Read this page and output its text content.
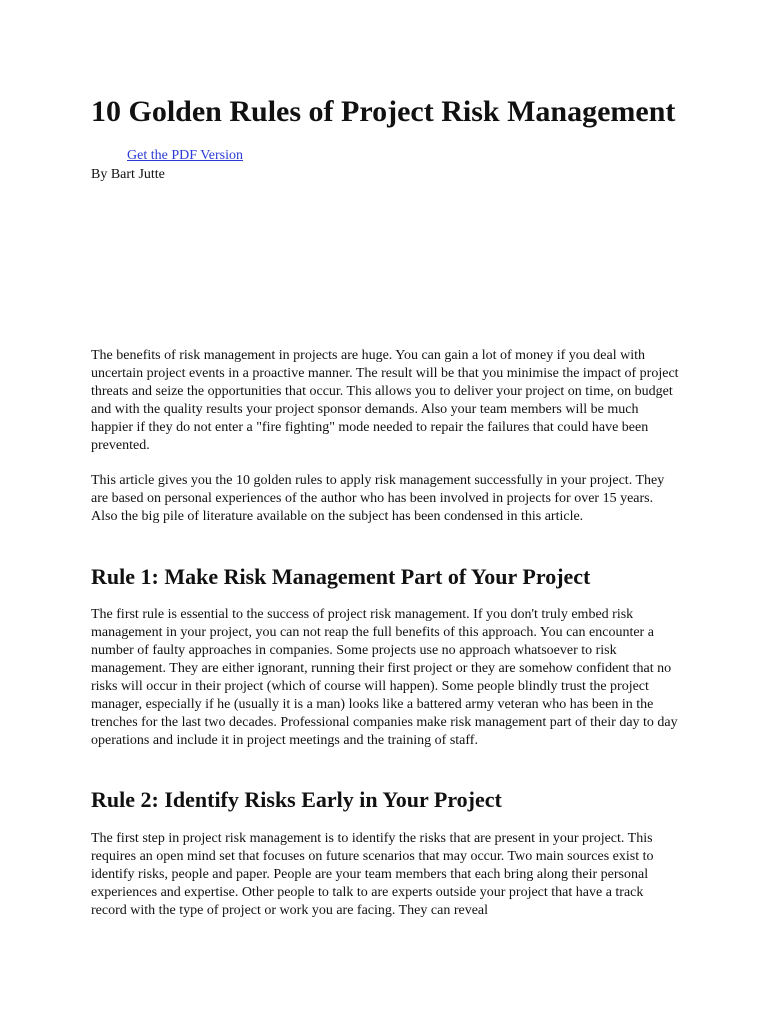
10 Golden Rules of Project Risk Management
Get the PDF Version
By Bart Jutte

The benefits of risk management in projects are huge. You can gain a lot of money if you deal with uncertain project events in a proactive manner. The result will be that you minimise the impact of project threats and seize the opportunities that occur. This allows you to deliver your project on time, on budget and with the quality results your project sponsor demands. Also your team members will be much happier if they do not enter a "fire fighting" mode needed to repair the failures that could have been prevented.

This article gives you the 10 golden rules to apply risk management successfully in your project. They are based on personal experiences of the author who has been involved in projects for over 15 years. Also the big pile of literature available on the subject has been condensed in this article.

Rule 1: Make Risk Management Part of Your Project

The first rule is essential to the success of project risk management. If you don't truly embed risk management in your project, you can not reap the full benefits of this approach. You can encounter a number of faulty approaches in companies. Some projects use no approach whatsoever to risk management. They are either ignorant, running their first project or they are somehow confident that no risks will occur in their project (which of course will happen). Some people blindly trust the project manager, especially if he (usually it is a man) looks like a battered army veteran who has been in the trenches for the last two decades. Professional companies make risk management part of their day to day operations and include it in project meetings and the training of staff.

Rule 2: Identify Risks Early in Your Project

The first step in project risk management is to identify the risks that are present in your project. This requires an open mind set that focuses on future scenarios that may occur. Two main sources exist to identify risks, people and paper. People are your team members that each bring along their personal experiences and expertise. Other people to talk to are experts outside your project that have a track record with the type of project or work you are facing. They can reveal
